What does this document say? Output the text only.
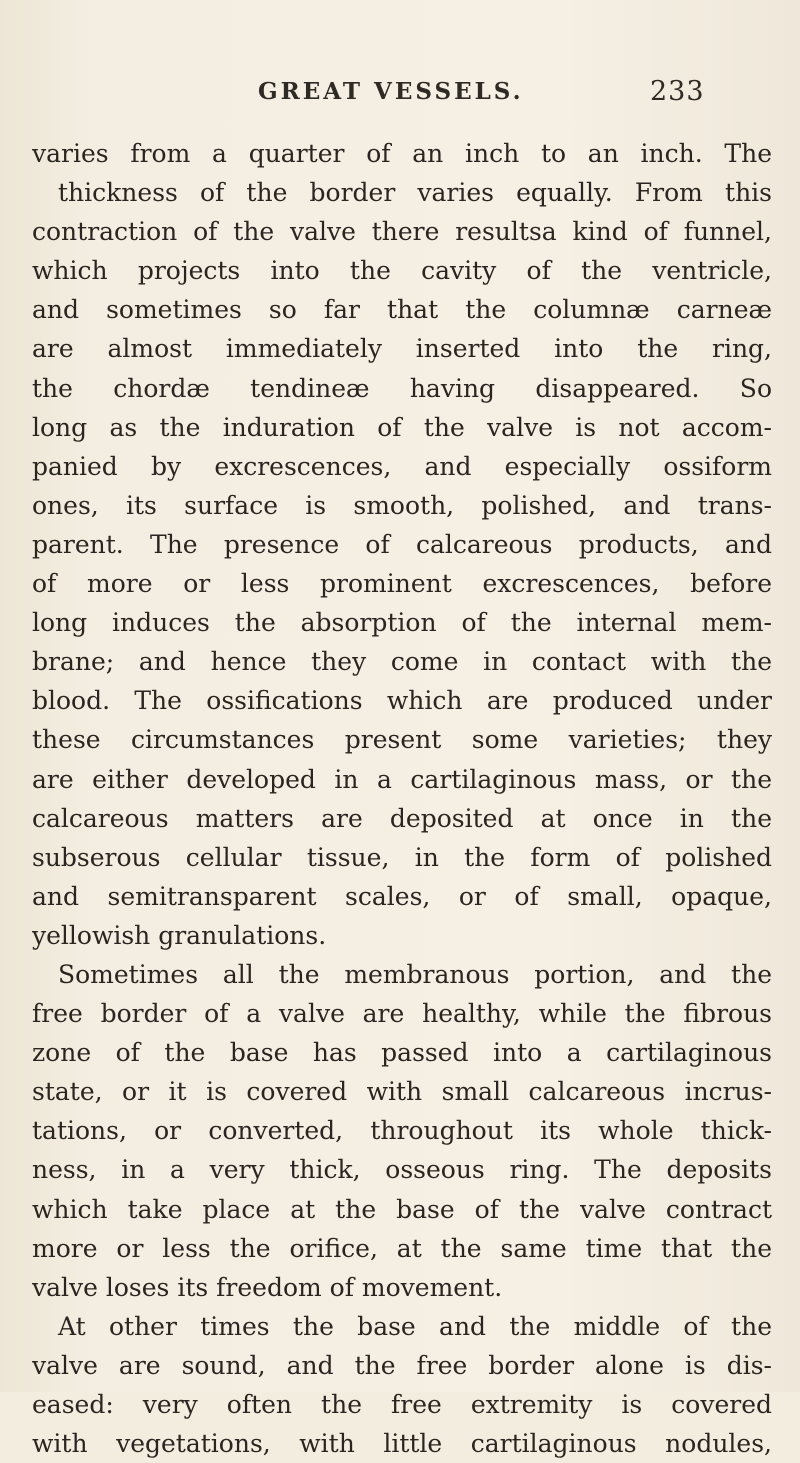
GREAT VESSELS.	233
varies from a quarter of an inch to an inch. The
thickness of the border varies equally. From this
contraction of the valve there resultsa kind of funnel,
which projects into the cavity of the ventricle,
and sometimes so far that the columnæ carneæ
are almost immediately inserted into the ring,
the chordæ tendineæ having disappeared. So
long as the induration of the valve is not accom-
panied by excrescences, and especially ossiform
ones, its surface is smooth, polished, and trans-
parent. The presence of calcareous products, and
of more or less prominent excrescences, before
long induces the absorption of the internal mem-
brane; and hence they come in contact with the
blood. The ossifications which are produced under
these circumstances present some varieties; they
are either developed in a cartilaginous mass, or the
calcareous matters are deposited at once in the
subserous cellular tissue, in the form of polished
and semitransparent scales, or of small, opaque,
yellowish granulations.
Sometimes all the membranous portion, and the
free border of a valve are healthy, while the fibrous
zone of the base has passed into a cartilaginous
state, or it is covered with small calcareous incrus-
tations, or converted, throughout its whole thick-
ness, in a very thick, osseous ring. The deposits
which take place at the base of the valve contract
more or less the orifice, at the same time that the
valve loses its freedom of movement.
At other times the base and the middle of the
valve are sound, and the free border alone is dis-
eased: very often the free extremity is covered
with vegetations, with little cartilaginous nodules,
